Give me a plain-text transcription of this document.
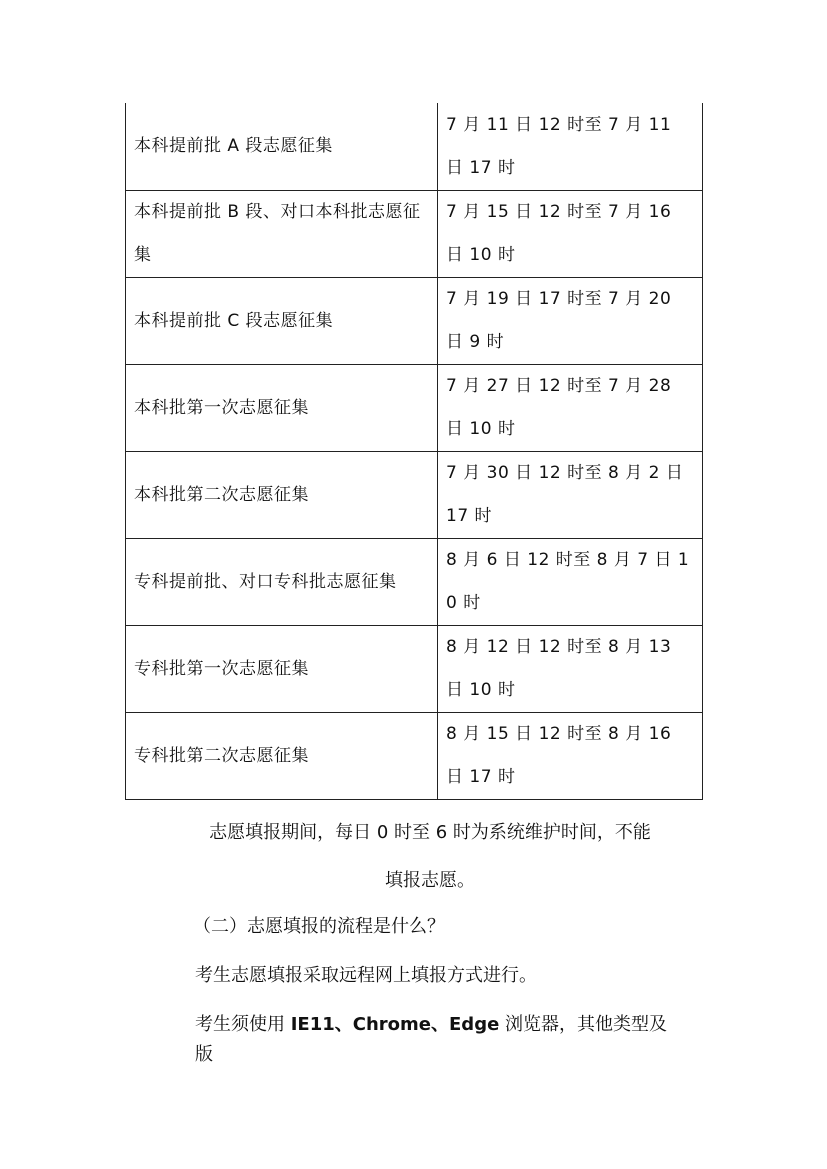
本科提前批 A 段志愿征集	7 月 11 日 12 时至 7 月 11 日 17 时
本科提前批 B 段、对口本科批志愿征集	7 月 15 日 12 时至 7 月 16 日 10 时
本科提前批 C 段志愿征集	7 月 19 日 17 时至 7 月 20 日 9 时
本科批第一次志愿征集	7 月 27 日 12 时至 7 月 28 日 10 时
本科批第二次志愿征集	7 月 30 日 12 时至 8 月 2 日 17 时
专科提前批、对口专科批志愿征集	8 月 6 日 12 时至 8 月 7 日 10 时
专科批第一次志愿征集	8 月 12 日 12 时至 8 月 13 日 10 时
专科批第二次志愿征集	8 月 15 日 12 时至 8 月 16 日 17 时

志愿填报期间，每日 0 时至 6 时为系统维护时间，不能

填报志愿。

（二）志愿填报的流程是什么？

考生志愿填报采取远程网上填报方式进行。

考生须使用 IE11、Chrome、Edge 浏览器，其他类型及版
